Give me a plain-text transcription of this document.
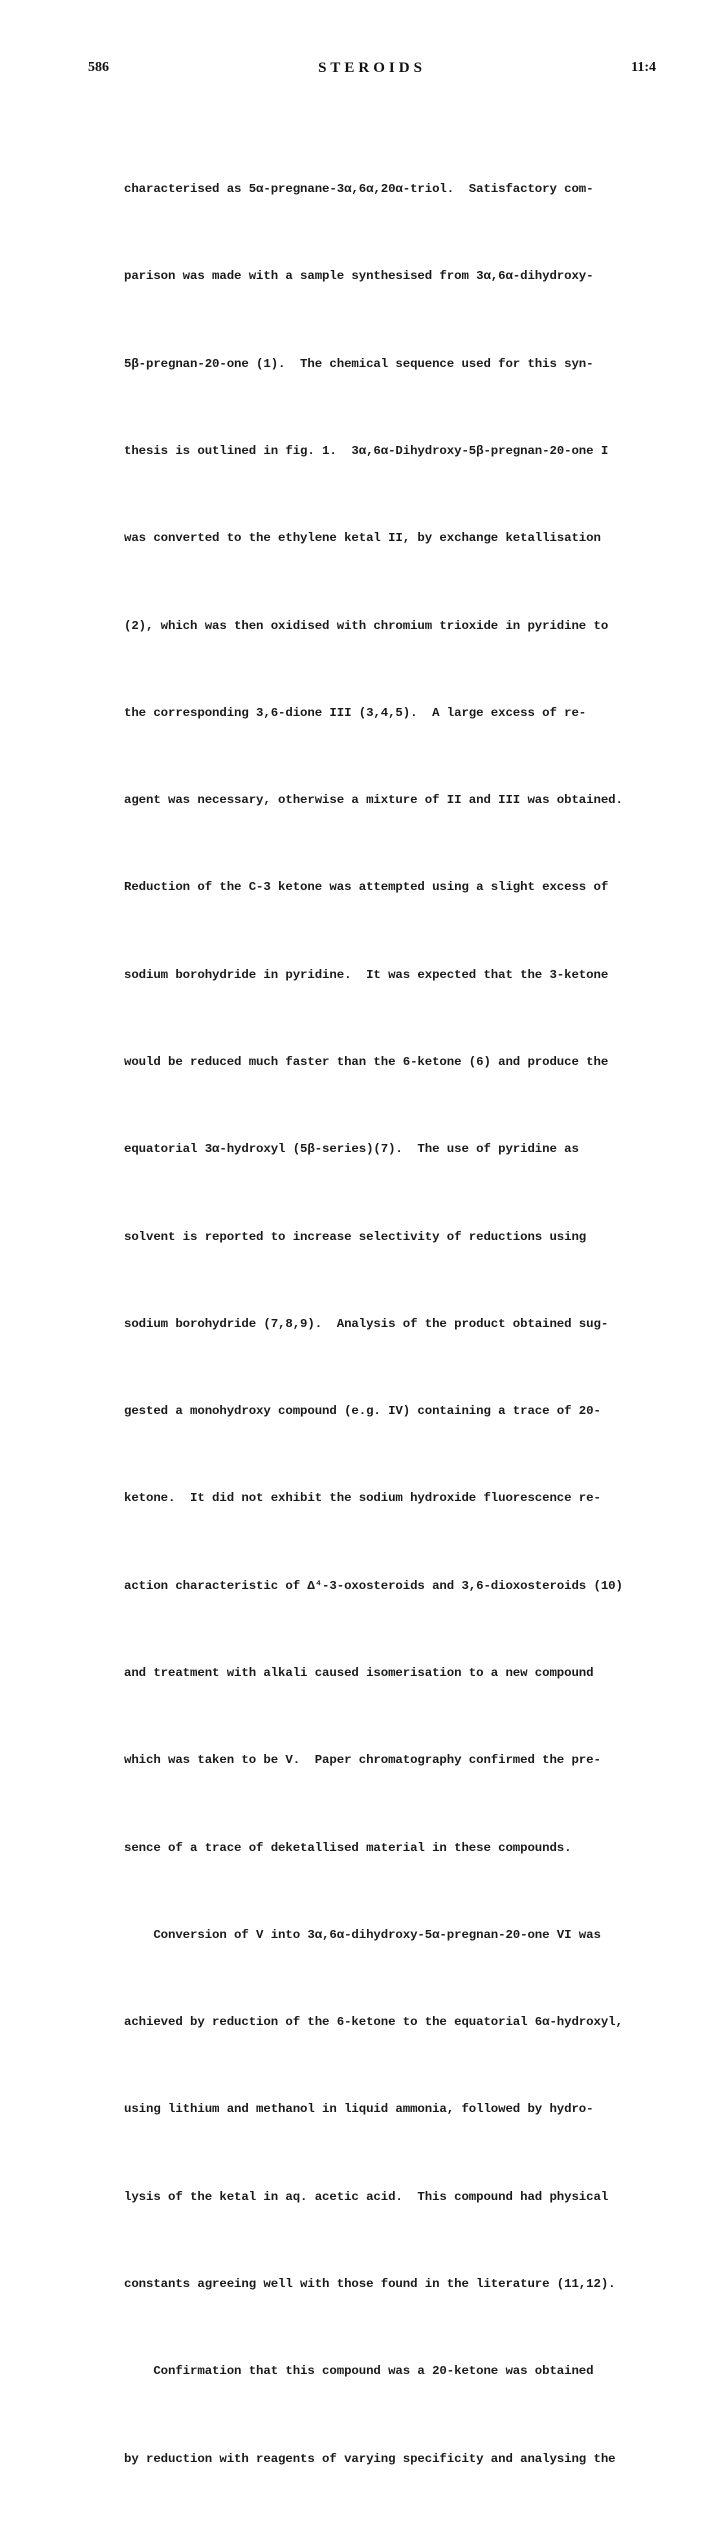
586	STEROIDS	11:4

characterised as 5α-pregnane-3α,6α,20α-triol.  Satisfactory com-

parison was made with a sample synthesised from 3α,6α-dihydroxy-

5β-pregnan-20-one (1).  The chemical sequence used for this syn-

thesis is outlined in fig. 1.  3α,6α-Dihydroxy-5β-pregnan-20-one I

was converted to the ethylene ketal II, by exchange ketallisation

(2), which was then oxidised with chromium trioxide in pyridine to

the corresponding 3,6-dione III (3,4,5).  A large excess of re-

agent was necessary, otherwise a mixture of II and III was obtained.

Reduction of the C-3 ketone was attempted using a slight excess of

sodium borohydride in pyridine.  It was expected that the 3-ketone

would be reduced much faster than the 6-ketone (6) and produce the

equatorial 3α-hydroxyl (5β-series)(7).  The use of pyridine as

solvent is reported to increase selectivity of reductions using

sodium borohydride (7,8,9).  Analysis of the product obtained sug-

gested a monohydroxy compound (e.g. IV) containing a trace of 20-

ketone.  It did not exhibit the sodium hydroxide fluorescence re-

action characteristic of Δ⁴-3-oxosteroids and 3,6-dioxosteroids (10)

and treatment with alkali caused isomerisation to a new compound

which was taken to be V.  Paper chromatography confirmed the pre-

sence of a trace of deketallised material in these compounds.

Conversion of V into 3α,6α-dihydroxy-5α-pregnan-20-one VI was

achieved by reduction of the 6-ketone to the equatorial 6α-hydroxyl,

using lithium and methanol in liquid ammonia, followed by hydro-

lysis of the ketal in aq. acetic acid.  This compound had physical

constants agreeing well with those found in the literature (11,12).

Confirmation that this compound was a 20-ketone was obtained

by reduction with reagents of varying specificity and analysing the
